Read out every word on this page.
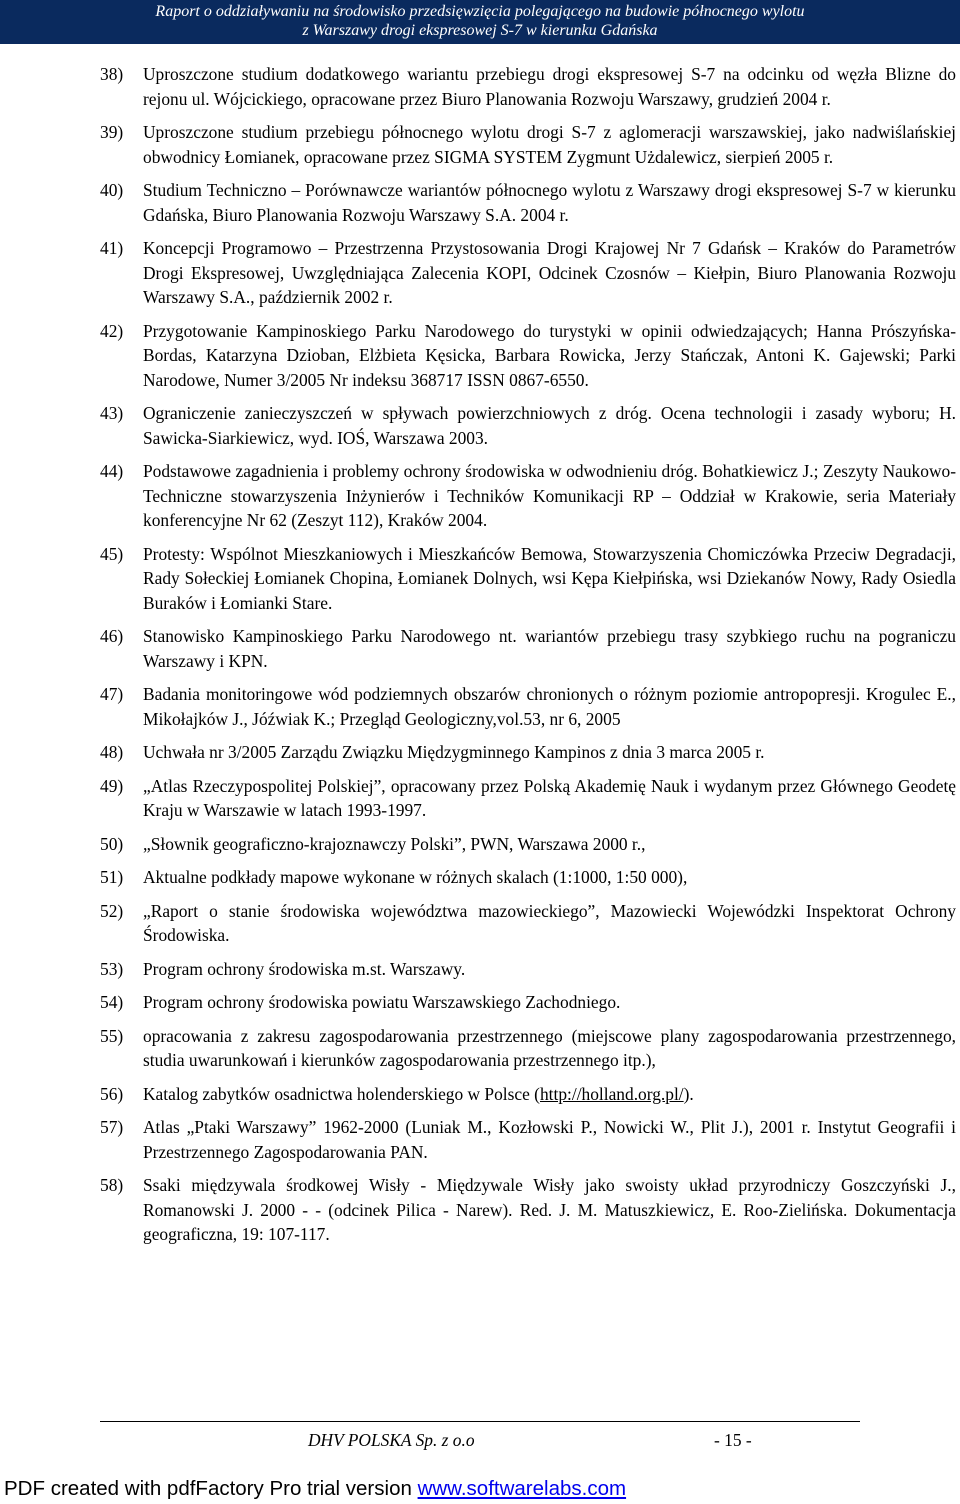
Raport o oddziaływaniu na środowisko przedsięwzięcia polegającego na budowie północnego wylotu
z Warszawy drogi ekspresowej S-7 w kierunku Gdańska
38) Uproszczone studium dodatkowego wariantu przebiegu drogi ekspresowej S-7 na odcinku od węzła Blizne do rejonu ul. Wójcickiego, opracowane przez Biuro Planowania Rozwoju Warszawy, grudzień 2004 r.
39) Uproszczone studium przebiegu północnego wylotu drogi S-7 z aglomeracji warszawskiej, jako nadwiślańskiej obwodnicy Łomianek, opracowane przez SIGMA SYSTEM Zygmunt Użdalewicz, sierpień 2005 r.
40) Studium Techniczno – Porównawcze wariantów północnego wylotu z Warszawy drogi ekspresowej S-7 w kierunku Gdańska, Biuro Planowania Rozwoju Warszawy S.A. 2004 r.
41) Koncepcji Programowo – Przestrzenna Przystosowania Drogi Krajowej Nr 7 Gdańsk – Kraków do Parametrów Drogi Ekspresowej, Uwzględniająca Zalecenia KOPI, Odcinek Czosnów – Kiełpin, Biuro Planowania Rozwoju Warszawy S.A., październik 2002 r.
42) Przygotowanie Kampinoskiego Parku Narodowego do turystyki w opinii odwiedzających; Hanna Prószyńska-Bordas, Katarzyna Dzioban, Elżbieta Kęsicka, Barbara Rowicka, Jerzy Stańczak, Antoni K. Gajewski; Parki Narodowe, Numer 3/2005 Nr indeksu 368717 ISSN 0867-6550.
43) Ograniczenie zanieczyszczeń w spływach powierzchniowych z dróg. Ocena technologii i zasady wyboru; H. Sawicka-Siarkiewicz, wyd. IOŚ, Warszawa 2003.
44) Podstawowe zagadnienia i problemy ochrony środowiska w odwodnieniu dróg. Bohatkiewicz J.; Zeszyty Naukowo-Techniczne stowarzyszenia Inżynierów i Techników Komunikacji RP – Oddział w Krakowie, seria Materiały konferencyjne Nr 62 (Zeszyt 112), Kraków 2004.
45) Protesty: Wspólnot Mieszkaniowych i Mieszkańców Bemowa, Stowarzyszenia Chomiczówka Przeciw Degradacji, Rady Sołeckiej Łomianek Chopina, Łomianek Dolnych, wsi Kępa Kiełpińska, wsi Dziekanów Nowy, Rady Osiedla Buraków i Łomianki Stare.
46) Stanowisko Kampinoskiego Parku Narodowego nt. wariantów przebiegu trasy szybkiego ruchu na pograniczu Warszawy i KPN.
47) Badania monitoringowe wód podziemnych obszarów chronionych o różnym poziomie antropopresji. Krogulec E., Mikołajków J., Jóźwiak K.; Przegląd Geologiczny,vol.53, nr 6, 2005
48) Uchwała nr 3/2005 Zarządu Związku Międzygminnego Kampinos z dnia 3 marca 2005 r.
49) „Atlas Rzeczypospolitej Polskiej”, opracowany przez Polską Akademię Nauk i wydanym przez Głównego Geodetę Kraju w Warszawie w latach 1993-1997.
50) „Słownik geograficzno-krajoznawczy Polski”, PWN, Warszawa 2000 r.,
51) Aktualne podkłady mapowe wykonane w różnych skalach (1:1000, 1:50 000),
52) „Raport o stanie środowiska województwa mazowieckiego”, Mazowiecki Wojewódzki Inspektorat Ochrony Środowiska.
53) Program ochrony środowiska m.st. Warszawy.
54) Program ochrony środowiska powiatu Warszawskiego Zachodniego.
55) opracowania z zakresu zagospodarowania przestrzennego (miejscowe plany zagospodarowania przestrzennego, studia uwarunkowań i kierunków zagospodarowania przestrzennego itp.),
56) Katalog zabytków osadnictwa holenderskiego w Polsce (http://holland.org.pl/).
57) Atlas „Ptaki Warszawy” 1962-2000 (Luniak M., Kozłowski P., Nowicki W., Plit J.), 2001 r. Instytut Geografii i Przestrzennego Zagospodarowania PAN.
58) Ssaki międzywala środkowej Wisły - Międzywale Wisły jako swoisty układ przyrodniczy Goszczyński J., Romanowski J. 2000 - - (odcinek Pilica - Narew). Red. J. M. Matuszkiewicz, E. Roo-Zielińska. Dokumentacja geograficzna, 19: 107-117.
DHV POLSKA Sp. z o.o	- 15 -
PDF created with pdfFactory Pro trial version www.softwarelabs.com
